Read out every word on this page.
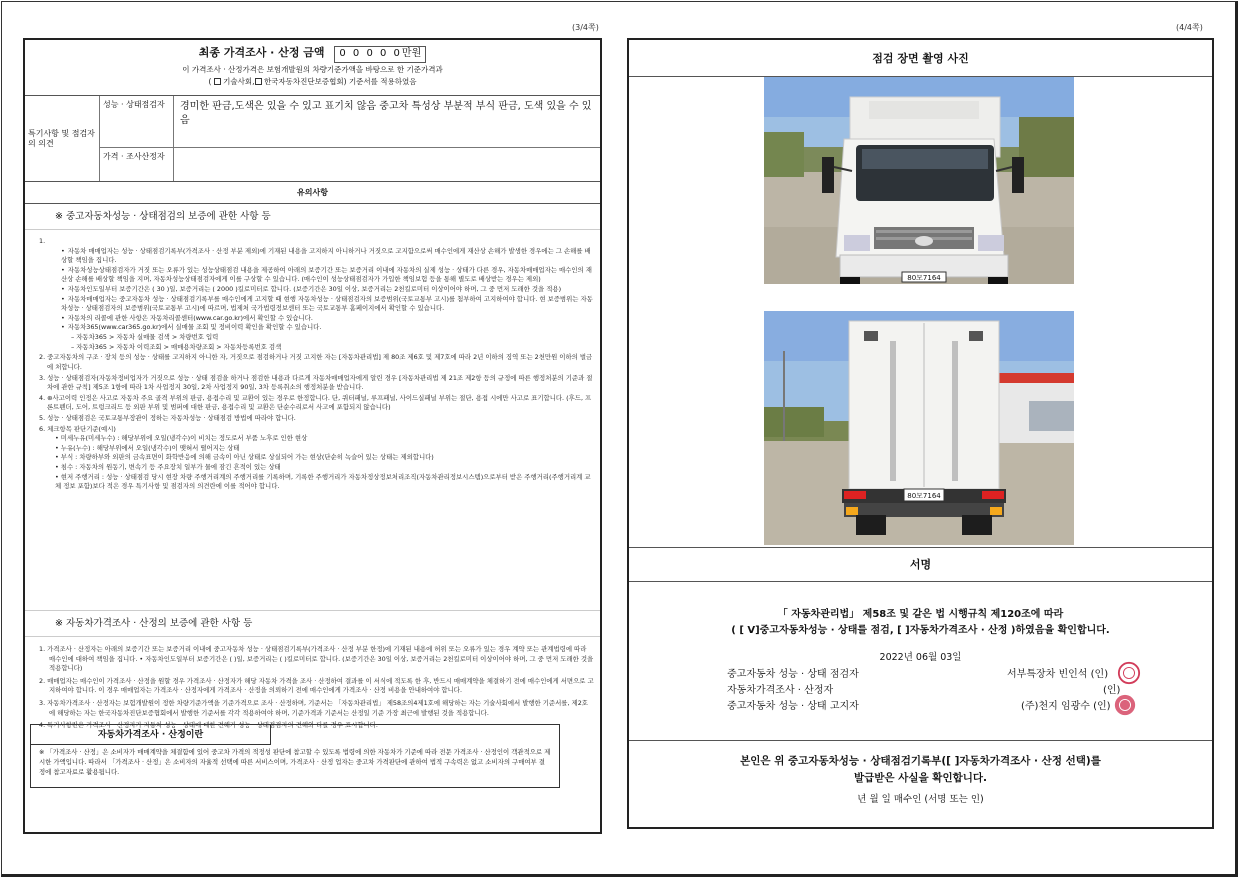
(3/4쪽)	(4/4쪽)
최종 가격조사 · 산정 금액 0 0 0 0 0만원
이 가격조사 · 산정가격은 보험개발원의 차량기준가액을 바탕으로 한 기준가격과
(  기술사회, 한국자동차진단보증협회) 기준서를 적용하였음
특기사항 및 점검자의 의견
성능 · 상태점검자	경미한 판금,도색은 있을 수 있고 표기치 않음 중고차 특성상 부분적 부식 판금, 도색 있을 수 있음
가격 · 조사산정자
유의사항
※ 중고자동차성능 · 상태점검의 보증에 관한 사항 등
1.
• 자동차 매매업자는 성능 · 상태점검기록부(가격조사 · 산정 부분 제외)에 기재된 내용을 고지하지 아니하거나 거짓으로 고지함으로써 매수인에게 재산상 손해가 발생한 경우에는 그 손해를 배상할 책임을 집니다.
• 자동차성능상태점검자가 거짓 또는 오류가 있는 성능상태점검 내용을 제공하여 아래의 보증기간 또는 보증거리 이내에 자동차의 실제 성능 · 상태가 다른 경우, 자동차매매업자는 매수인의 재산상 손해를 배상할 책임을 지며, 자동차성능상태점검자에게 이를 구상할 수 있습니다. (매수인이 성능상태점검자가 가입한 책임보험 등을 통해 별도로 배상받는 경우는 제외)
• 자동차인도일부터 보증기간은 ( 30 )일, 보증거리는 ( 2000 )킬로미터로 합니다. (보증기간은 30일 이상, 보증거리는 2천킬로미터 이상이어야 하며, 그 중 먼저 도래한 것을 적용)
• 자동차매매업자는 중고자동차 성능 · 상태점검기록부를 매수인에게 고지할 때 현행 자동차성능 · 상태점검자의 보증범위(국토교통부 고시)를 첨부하여 고지하여야 합니다. 현 보증범위는 자동차성능 · 상태점검자의 보증범위(국토교통부 고시)에 따르며, 법제처 국가법령정보센터 또는 국토교통부 홈페이지에서 확인할 수 있습니다.
• 자동차의 리콜에 관한 사항은 자동차리콜센터(www.car.go.kr)에서 확인할 수 있습니다.
• 자동차365(www.car365.go.kr)에서 실매물 조회 및 정비이력 확인을 확인할 수 있습니다.
– 자동차365 > 자동차 실매물 검색 > 차량번호 입력
– 자동차365 > 자동차 이력조회 > 매매용차량조회 > 자동차등록번호 검색
2. 중고자동차의 구조 · 장치 등의 성능 · 상태를 고지하지 아니한 자, 거짓으로 점검하거나 거짓 고지한 자는 [자동차관리법] 제 80조 제6호 및 제7호에 따라 2년 이하의 징역 또는 2천만원 이하의 벌금에 처합니다.
3. 성능 · 상태점검자(자동차정비업자가 거짓으로 성능 · 상태 점검을 하거나 점검한 내용과 다르게 자동차매매업자에게 알린 경우 [자동차관리법 제 21조 제2항 등의 규정에 따른 행정처분의 기준과 절차에 관한 규칙] 제5조 1항에 따라 1차 사업정지 30일, 2차 사업정지 90일, 3차 등록취소의 행정처분을 받습니다.
4. ⊛사고이력 인정은 사고로 자동차 주요 골격 부위의 판금, 용접수리 및 교환이 있는 경우로 한정합니다. 단, 쿼터패널, 루프패널, 사이드실패널 부위는 절단, 용접 시에만 사고로 표기합니다. (후드, 프론트펜더, 도어, 트렁크리드 등 외판 부위 및 범퍼에 대한 판금, 용접수리 및 교환은 단순수리로서 사고에 포함되지 않습니다)
5. 성능 · 상태점검은 국토교통부장관이 정하는 자동차성능 · 상태점검 방법에 따라야 합니다.
6. 체크항목 판단기준(예시)
• 미세누유(미세누수) : 해당부위에 오일(냉각수)이 비치는 정도로서 부품 노후로 인한 현상
• 누유(누수) : 해당부위에서 오일(냉각수)이 맺혀서 떨어지는 상태
• 부식 : 차량하부와 외판의 금속표면이 화학반응에 의해 금속이 아닌 상태로 상실되어 가는 현상(단순히 녹슬어 있는 상태는 제외합니다)
• 침수 : 자동차의 원동기, 변속기 등 주요장치 일부가 물에 잠긴 흔적이 있는 상태
• 현저 주행거리 : 성능 · 상태점검 당시 현장 차량 주행거리계의 주행거리를 기록하며, 기록한 주행거리가 자동차정상정보처리조직(자동차관리정보시스템)으로부터 받은 주행거리(주행거리계 교체 정보 포함)보다 적은 경우 특기사항 및 점검자의 의견란에 이를 적어야 합니다.
※ 자동차가격조사 · 산정의 보증에 관한 사항 등
1. 가격조사 · 산정자는 아래의 보증기간 또는 보증거리 이내에 중고자동차 성능 · 상태점검기록부(가격조사 · 산정 부분 한정)에 기재된 내용에 허위 또는 오류가 있는 경우 계약 또는 관계법령에 따라 매수인에 대하여 책임을 집니다. • 자동차인도일부터 보증기간은 ( )일, 보증거리는 ( )킬로미터로 합니다. (보증기간은 30일 이상, 보증거리는 2천킬로미터 이상이어야 하며, 그 중 먼저 도래한 것을 적용합니다)
2. 매매업자는 매수인이 가격조사 · 산정을 원할 경우 가격조사 · 산정자가 해당 자동차 가격을 조사 · 산정하여 결과를 이 서식에 적도록 한 후, 반드시 매매계약을 체결하기 전에 매수인에게 서면으로 고지하여야 합니다. 이 경우 매매업자는 가격조사 · 산정자에게 가격조사 · 산정을 의뢰하기 전에 매수인에게 가격조사 · 산정 비용을 안내하여야 합니다.
3. 자동차가격조사 · 산정자는 보험개발원이 정한 차량기준가액을 기준가격으로 조사 · 산정하며, 기준서는 「자동차관리법」 제58조의4제1호에 해당하는 자는 기술사회에서 발행한 기준서를, 제2호에 해당하는 자는 한국자동차진단보증협회에서 발행한 기준서를 각각 적용하여야 하며, 기준가격과 기준서는 산정일 기준 가장 최근에 발행된 것을 적용합니다.
4. 특기사항란은 가격조사 · 산정자가 자동차 성능 · 상태에 대한 견해가 성능 · 상태점검자의 견해와 다를 경우 표시합니다.
자동차가격조사 · 산정이란
※ 「가격조사 · 산정」은 소비자가 매매계약을 체결함에 있어 중고차 가격의 적정성 판단에 참고할 수 있도록 법령에 의한 자동차가 기준에 따라 전문 가격조사 · 산정인이 객관적으로 제시한 가액입니다. 따라서 「가격조사 · 산정」은 소비자의 자율적 선택에 따른 서비스이며, 가격조사 · 산정 업자는 중고차 가격판단에 관하여 법적 구속력은 없고 소비자의 구매여부 결정에 참고자료로 활용됩니다.
점검 장면 촬영 사진
80모7164
80모7164
서명
「 자동차관리법」 제58조 및 같은 법 시행규칙 제120조에 따라
( [ V]중고자동차성능 · 상태를 점검, [ ]자동차가격조사 · 산정 )하였음을 확인합니다.
2022년 06월 03일
중고자동차 성능 · 상태 점검자	서부특장차 빈인석 (인)
자동차가격조사 · 산정자	(인)
중고자동차 성능 · 상태 고지자	(주)천지 임광수 (인)
본인은 위 중고자동차성능 · 상태점검기록부([ ]자동차가격조사 · 산정 선택)를
발급받은 사실을 확인합니다.
년 월 일 매수인 (서명 또는 인)
